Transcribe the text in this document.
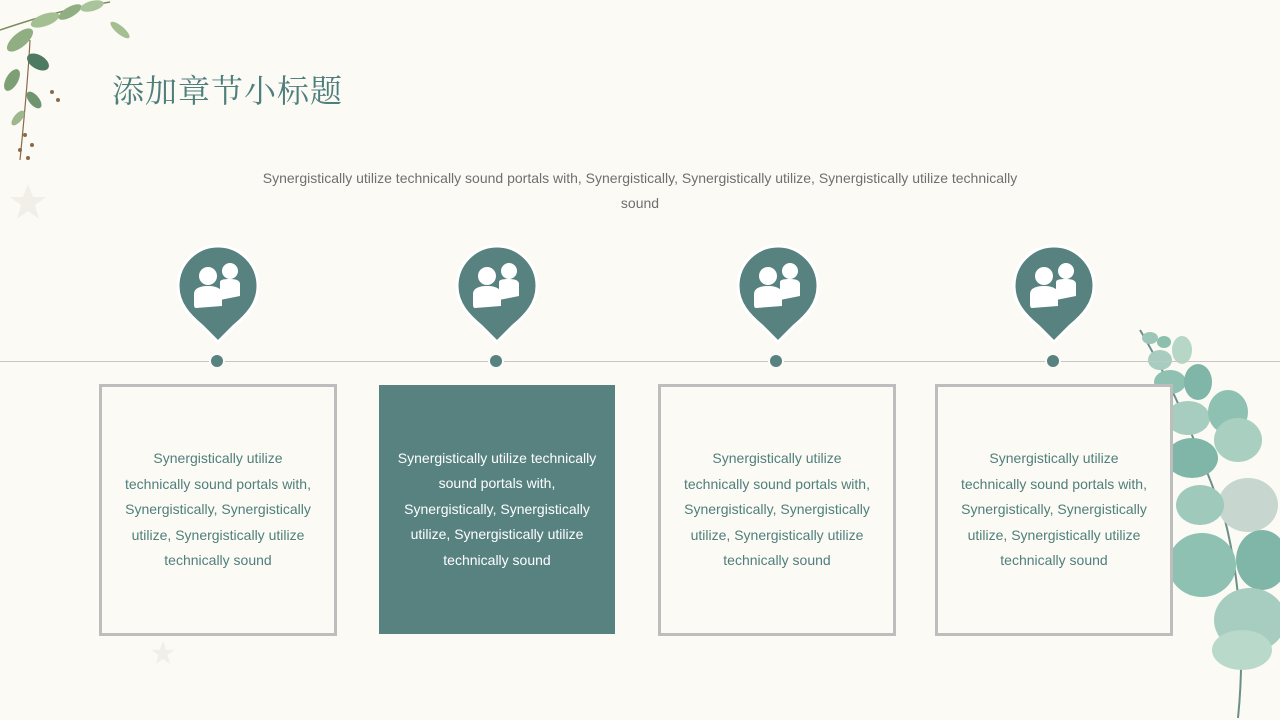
添加章节小标题
Synergistically utilize technically sound portals with, Synergistically, Synergistically utilize, Synergistically utilize technically sound
Synergistically utilize technically sound portals with, Synergistically, Synergistically utilize, Synergistically utilize technically sound
Synergistically utilize technically sound portals with, Synergistically, Synergistically utilize, Synergistically utilize technically sound
Synergistically utilize technically sound portals with, Synergistically, Synergistically utilize, Synergistically utilize technically sound
Synergistically utilize technically sound portals with, Synergistically, Synergistically utilize, Synergistically utilize technically sound
